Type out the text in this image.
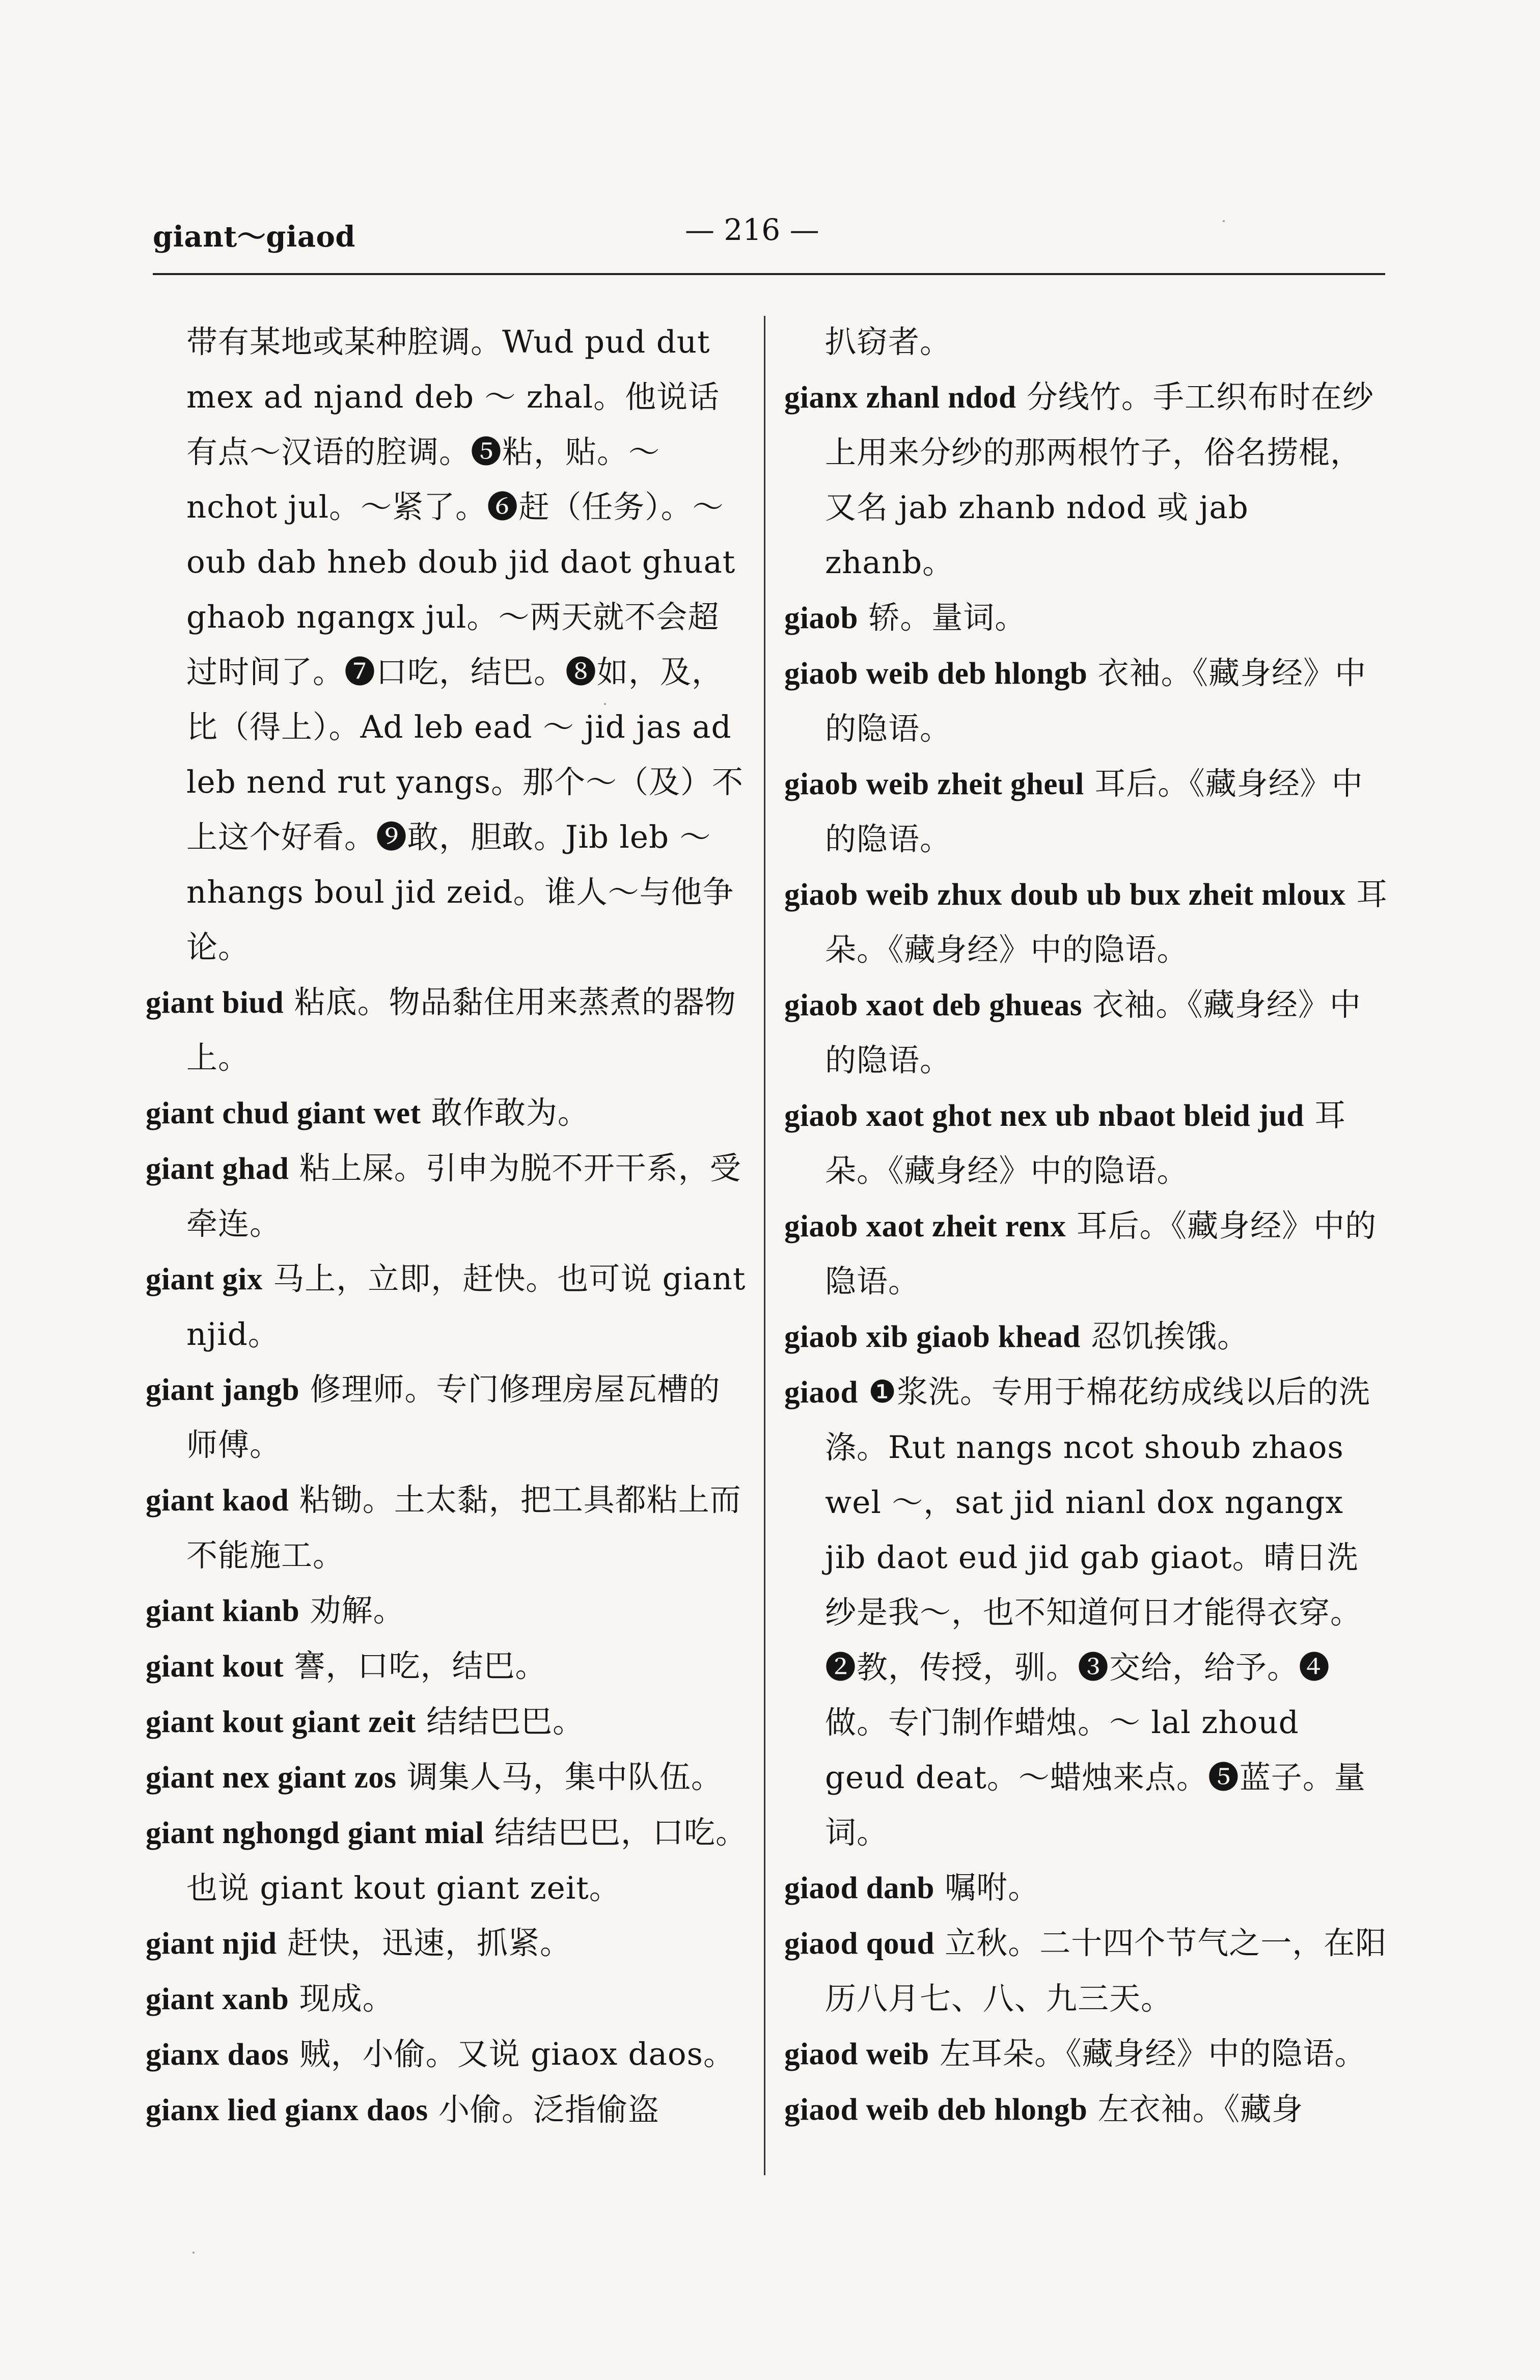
giant～giaod	— 216 —

带有某地或某种腔调。Wud pud dut mex ad njand deb ～ zhal。他说话有点～汉语的腔调。❺粘，贴。～ nchot jul。～紧了。❻赶（任务）。～oub dab hneb doub jid daot ghuat ghaob ngangx jul。～两天就不会超过时间了。❼口吃，结巴。❽如，及，比（得上）。Ad leb ead ～ jid jas ad leb nend rut yangs。那个～（及）不上这个好看。❾敢，胆敢。Jib leb ～ nhangs boul jid zeid。谁人～与他争论。

giant biud 粘底。物品黏住用来蒸煮的器物上。

giant chud giant wet 敢作敢为。

giant ghad 粘上屎。引申为脱不开干系，受牵连。

giant gix 马上，立即，赶快。也可说 giant njid。

giant jangb 修理师。专门修理房屋瓦槽的师傅。

giant kaod 粘锄。土太黏，把工具都粘上而不能施工。

giant kianb 劝解。

giant kout 謇，口吃，结巴。

giant kout giant zeit 结结巴巴。

giant nex giant zos 调集人马，集中队伍。

giant nghongd giant mial 结结巴巴，口吃。也说 giant kout giant zeit。

giant njid 赶快，迅速，抓紧。

giant xanb 现成。

gianx daos 贼，小偷。又说 giaox daos。

gianx lied gianx daos 小偷。泛指偷盗

扒窃者。

gianx zhanl ndod 分线竹。手工织布时在纱上用来分纱的那两根竹子，俗名捞棍，又名 jab zhanb ndod 或 jab zhanb。

giaob 轿。量词。

giaob weib deb hlongb 衣袖。《藏身经》中的隐语。

giaob weib zheit gheul 耳后。《藏身经》中的隐语。

giaob weib zhux doub ub bux zheit mloux 耳朵。《藏身经》中的隐语。

giaob xaot deb ghueas 衣袖。《藏身经》中的隐语。

giaob xaot ghot nex ub nbaot bleid jud 耳朵。《藏身经》中的隐语。

giaob xaot zheit renx 耳后。《藏身经》中的隐语。

giaob xib giaob khead 忍饥挨饿。

giaod ❶浆洗。专用于棉花纺成线以后的洗涤。Rut nangs ncot shoub zhaos wel ～，sat jid nianl dox ngangx jib daot eud jid gab giaot。晴日洗纱是我～，也不知道何日才能得衣穿。❷教，传授，驯。❸交给，给予。❹做。专门制作蜡烛。～ lal zhoud geud deat。～蜡烛来点。❺蓝子。量词。

giaod danb 嘱咐。

giaod qoud 立秋。二十四个节气之一，在阳历八月七、八、九三天。

giaod weib 左耳朵。《藏身经》中的隐语。

giaod weib deb hlongb 左衣袖。《藏身
